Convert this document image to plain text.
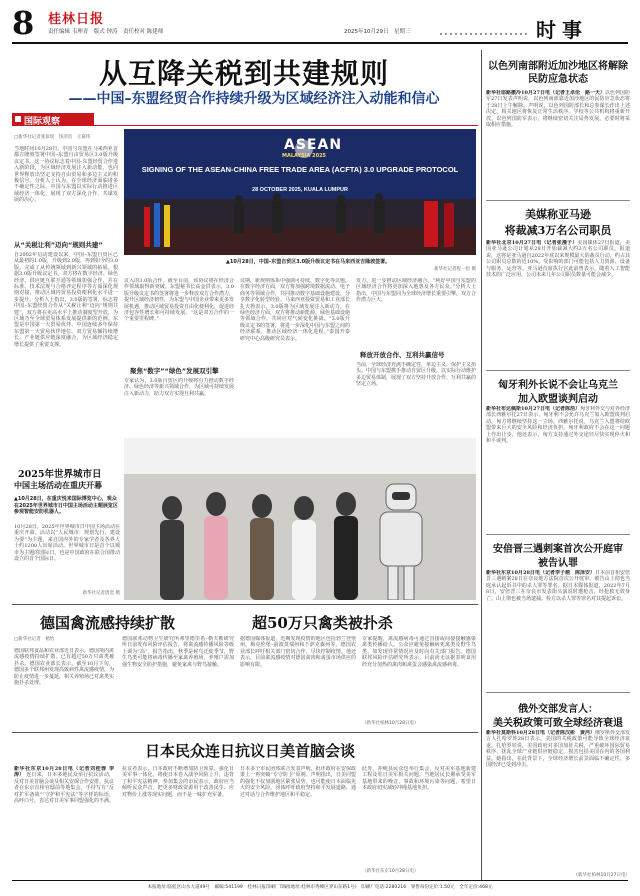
8 桂林日报
责任编辑 韦理青　版式 钟涛　责任校对 陈建师	2025年10月29日　星期三	时事
从互降关税到共建规则
——中国–东盟经贸合作持续升级为区域经济注入动能和信心
国际观察
□新华社记者张似瑶　汤沛浩　王嘉伟
当地时间10月28日，中国与东盟在马来西亚首都吉隆坡签署中国–东盟自由贸易区3.0版升级议定书。这一协议标志着中国–东盟经贸合作进入新阶段，为区域经济发展注入新动能，也向世界释放出坚定支持自由贸易和多边主义的积极信号。分析人士认为，在全球经济面临诸多不确定性之际，中国与东盟以实际行动推进区域经济一体化，展现了双方深化合作、共谋发展的决心。
从“关税让利”迈向“规则共建”
自2002年启动建设以来，中国–东盟自贸区已从最初的1.0版，升级到2.0版，再到如今的3.0版。完成了从传统领域到新兴领域的拓展。根据3.0版升级议定书，双方将在数字经济、绿色经济、供应链互联互通等领域加强合作，并在标准、技术法规与合格评定程序等方面深化规则对接，推动区域内贸易投资便利化水平进一步提升。分析人士指出，3.0版的签署，标志着中国–东盟经贸合作从“关税让利”迈向“规则共建”，双方将在更高水平上推动制度型开放，为区域乃至全球贸易体系发展提供新的范例。东盟是中国第一大贸易伙伴，中国连续多年保持东盟第一大贸易伙伴地位。双方贸易额持续增长，产业链供应链深度融合，为区域经济稳定增长提供了重要支撑。
ASEAN
MALAYSIA 2025
SIGNING OF THE ASEAN-CHINA FREE TRADE AREA (ACFTA) 3.0 UPGRADE PROTOCOL
28 OCTOBER 2025, KUALA LUMPUR
▲10月28日，中国–东盟自贸区3.0版升级议定书在马来西亚吉隆坡签署。
新华社记者程一恒 摄
议入的3.0版合作。截至目前，该协议将在经济合作领域取得新突破。东盟秘书长高金洪表示，3.0版升级议定书的签署将进一步释放双方合作潜力，提升区域经济韧性，为东盟与中国企业带来更多发展机遇，推动区域贸易投资自由化便利化，促进经济包容性增长和可持续发展。“这是双方合作的一个重要里程碑。”
聚焦“数字”“绿色”发展双引擎
专家认为，3.0版自贸区的升级将有力推动数字经济、绿色经济等新兴领域合作，为区域可持续发展注入新动力，助力双方实现互利共赢。
议期，新规则体系中强调可持续、数字化等议题。在数字经济方面，双方将加强跨境数据流动、电子商务等领域合作，共同推动数字基础设施建设，分享数字化转型经验。马来西亚投资贸易和工业部长扎夫鲁表示，3.0版将为区域发展注入新动力。在绿色经济方面，双方将推动新能源、绿色基础设施等领域合作，共同应对气候变化挑战。“3.0版升级议定书的签署，将进一步深化中国与东盟之间的经济联系，推动区域经济一体化进程。”泰国开泰研究中心高级研究员表示。
发力。进一步推动区域经济融合。“利好中国与东盟的区域经济合作将更加深入地惠及各方民众。”分析人士指出，中国与东盟同为全球经济增长重要引擎，双方合作潜力巨大。
释放开放合作、互利共赢信号
当前，全球经济充满不确定性，单边主义、保护主义抬头。中国与东盟携手推动自贸区升级，以实际行动维护多边贸易体制，展现了双方坚持开放合作、互利共赢的坚定立场。
2025年世界城市日
中国主场活动在重庆开幕
▲10月28日，在重庆悦来国际博览中心，观众在2025年世界城市日中国主场活动主题展览区参观智能安防机器人。
10月28日，2025年世界城市日中国主场活动在重庆开幕。活动以“人民城市：规划先行、建设为要”为主题，来自国内外的专家学者及各界人士约1200人出席活动。世界城市日是首个以城市为主题的国际日，也是中国政府在联合国推动设立的首个国际日。
新华社记者唐奕 摄
德国禽流感持续扩散	超50万只禽类被扑杀
□新华社记者　褚怡
德国联邦食品和农业部近日表示，德国境内禽流感疫情持续扩散，已有超过50万只禽类被扑杀。德国农业部长表示，截至10月下旬，德国多个联邦州发现高致病性禽流感疫情，为防止疫情进一步蔓延，相关养殖场已对禽类实施扑杀处理。
德国联邦动物卫生研究所弗里德里希–勒夫勒研究所日前发布风险评估报告，将禽流感传播风险等级上调为“高”。报告指出，秋季是候鸟迁徙季节，野生鸟类可能将病毒传播至家禽养殖场，养殖户需加强生物安全防护措施，避免家禽与野鸟接触。
据德国媒体报道，近期发现疫情的地区包括勃兰登堡州、梅克伦堡–前波莫瑞州和下萨克森州等。德国农业部长呼吁相关部门密切合作，尽快控制疫情。他还表示，目前禽流感疫情对德国禽肉和禽蛋市场供应的影响有限。
专家提醒，禽流感病毒可通过直接或间接接触感染禽类传播给人。公众应避免接触病死禽类及野生鸟类，如发现异常情况应及时向有关部门报告。德国联邦风险评估研究所表示，目前尚无证据表明食用经充分加热的禽肉和禽蛋会感染禽流感病毒。
（新华社柏林10月28日电）
日本民众连日抗议日美首脑会谈
新华社东京10月28日电（记者刘桂蓉 李涛） 连日来，日本多地民众举行抗议活动，反对日美首脑会谈及相关安保合作安排。抗议者在东京首相官邸前等地集会，手持写有“反对扩军备战”“守护和平宪法”等字样的标语，高呼口号，表达对日美军事同盟强化的不满。
抗议者表示，日本政府不断增加防卫预算、强化日美军事一体化，将使日本卷入战争风险上升，违背了和平宪法精神。参加集会的市民表示，政府应当倾听民众声音，把更多财政资源用于改善民生、应对物价上涨等现实问题，而不是一味扩充军备。
日本多个市民团体联合发表声明，批评政府在安保政策上一再突破“专守防卫”原则。声明指出，日美同盟的强化不仅加剧地区紧张局势，也可能使日本面临更大的安全风险。团体呼吁政府坚持和平发展道路，通过对话与合作维护地区和平稳定。
此外，冲绳县民众也举行集会，反对美军基地新建工程及驻日美军相关问题。当地居民长期承受美军基地带来的噪音、事故和环境污染等问题，希望日本政府切实减轻冲绳基地负担。
（新华社东京10月28日电）
以色列南部附近加沙地区将解除民防应急状态
新华社耶路撒冷10月27日电（记者王卓伦　路一天）以色列国防军27日发表声明说，以色列南部靠近加沙地区的民防应急状态将于28日上午解除。声明说，以色列国防部长和总参谋长作出上述决定，相关地区将恢复正常生活秩序，学校等公共机构将重新开放。以色列国防军表示，将继续密切关注局势发展，必要时将采取相应措施。
美媒称亚马逊
将裁减3万名公司职员
新华社北京10月27日电（记者张漫子）美国媒体27日报道，美国亚马逊公司计划从28日开始裁减大约3万名公司职员。报道说，这将是亚马逊自2022年底以来规模最大的裁员行动，约占其公司职员总数的近10%。受影响的部门可能包括人力资源、设备与服务、运营等。亚马逊首席执行官此前曾表示，随着人工智能技术的广泛应用，公司未来几年公司职员数量可能会减少。
匈牙利外长说不会让乌克兰
加入欧盟谈判启动
新华社布达佩斯10月27日电（记者陈浩）匈牙利外交与对外经济部长西雅尔托27日表示，匈牙利不会允许乌克兰加入欧盟谈判启动，匈方将继续坚持这一立场。西雅尔托说，乌克兰入盟将给欧盟带来巨大的安全风险和经济负担，匈牙利政府不会在这一问题上作出让步。他还表示，匈方支持通过外交途径尽快实现停火和和平谈判。
安倍晋三遇刺案首次公开庭审
被告认罪
新华社东京10月28日电（记者李子越　陈泽安）日本前首相安倍晋三遇刺案28日在奈良地方法院首次公开庭审，被告山上彻也当庭承认起诉书中的杀人罪等罪名。据日本媒体报道，2022年7月8日，安倍晋三在奈良市发表街头演说时遭枪击，经抢救无效身亡。山上彻也被当场逮捕。检方以杀人罪等罪名对其提起诉讼。
俄外交部发言人：
美关税政策可致全球经济衰退
新华社莫斯科10月28日电（记者陈汉彬　黄河）俄罗斯外交部发言人扎哈罗娃28日表示，美国的关税政策可能导致全球经济衰退。扎哈罗娃说，美国政府对多国加征关税，严重破坏国际贸易秩序，扰乱全球产业链供应链稳定，损害包括美国在内的各国利益。她指出，在此背景下，全球经济增长前景面临不确定性，多国经济已受到冲击。
（新华社柏林10月27日电）
本报地址:临桂区山水大道49号　邮编:541199　桂林日报印刷厂印刷(地址:桂林市秀峰区穿山东路1号)　印刷厂电话:2280216　零售每份定价:1.50元　全年定价:468元
